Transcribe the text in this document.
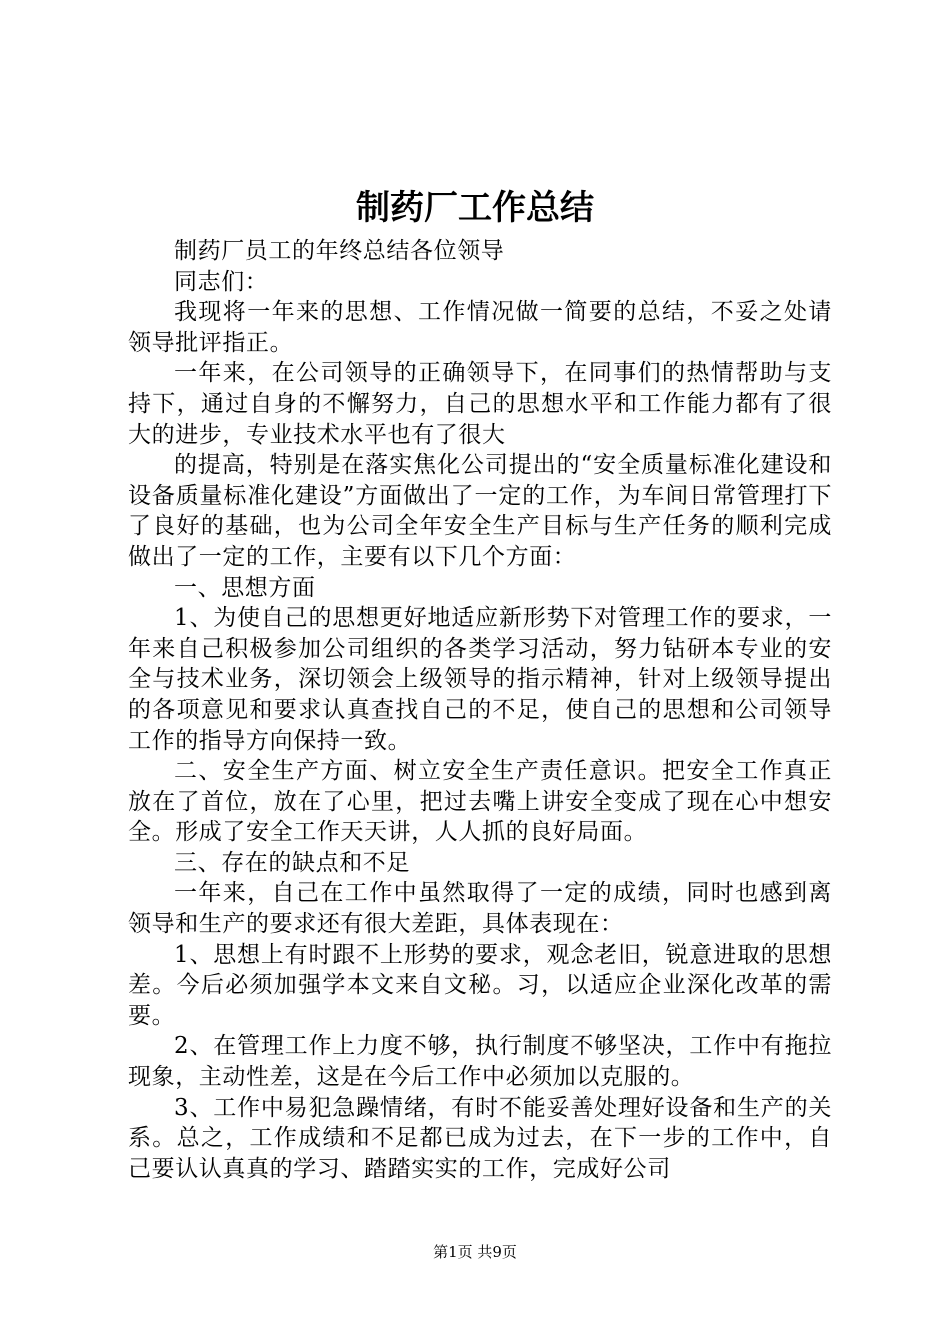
制药厂工作总结

制药厂员工的年终总结各位领导

同志们：

我现将一年来的思想、工作情况做一简要的总结，不妥之处请领导批评指正。

一年来，在公司领导的正确领导下，在同事们的热情帮助与支持下，通过自身的不懈努力，自己的思想水平和工作能力都有了很大的进步，专业技术水平也有了很大

的提高，特别是在落实焦化公司提出的“安全质量标准化建设和设备质量标准化建设”方面做出了一定的工作，为车间日常管理打下了良好的基础，也为公司全年安全生产目标与生产任务的顺利完成做出了一定的工作，主要有以下几个方面：

一、思想方面

1、为使自己的思想更好地适应新形势下对管理工作的要求，一年来自己积极参加公司组织的各类学习活动，努力钻研本专业的安全与技术业务，深切领会上级领导的指示精神，针对上级领导提出的各项意见和要求认真查找自己的不足，使自己的思想和公司领导工作的指导方向保持一致。

二、安全生产方面、树立安全生产责任意识。把安全工作真正放在了首位，放在了心里，把过去嘴上讲安全变成了现在心中想安全。形成了安全工作天天讲，人人抓的良好局面。

三、存在的缺点和不足

一年来，自己在工作中虽然取得了一定的成绩，同时也感到离领导和生产的要求还有很大差距，具体表现在：

1、思想上有时跟不上形势的要求，观念老旧，锐意进取的思想差。今后必须加强学本文来自文秘。习，以适应企业深化改革的需要。

2、在管理工作上力度不够，执行制度不够坚决，工作中有拖拉现象，主动性差，这是在今后工作中必须加以克服的。

3、工作中易犯急躁情绪，有时不能妥善处理好设备和生产的关系。总之，工作成绩和不足都已成为过去，在下一步的工作中，自己要认认真真的学习、踏踏实实的工作，完成好公司

第1页 共9页
